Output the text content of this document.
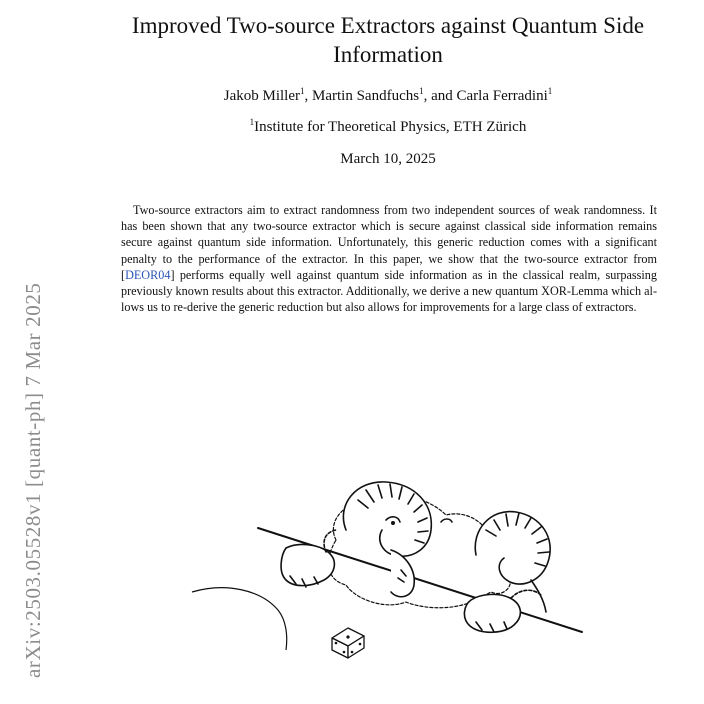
arXiv:2503.05528v1 [quant-ph] 7 Mar 2025
Improved Two-source Extractors against Quantum Side Information
Jakob Miller$^1$, Martin Sandfuchs$^1$, and Carla Ferradini$^1$
$^1$Institute for Theoretical Physics, ETH Zürich
March 10, 2025

Two-source extractors aim to extract randomness from two independent sources of weak randomness. It has been shown that any two-source extractor which is secure against classical side information remains secure against quantum side information. Unfortunately, this generic reduction comes with a significant penalty to the performance of the extractor. In this paper, we show that the two-source extractor from [DEOR04] performs equally well against quantum side information as in the classical realm, surpassing previously known results about this extractor. Additionally, we derive a new quantum XOR-Lemma which allows us to re-derive the generic reduction but also allows for improvements for a large class of extractors.
